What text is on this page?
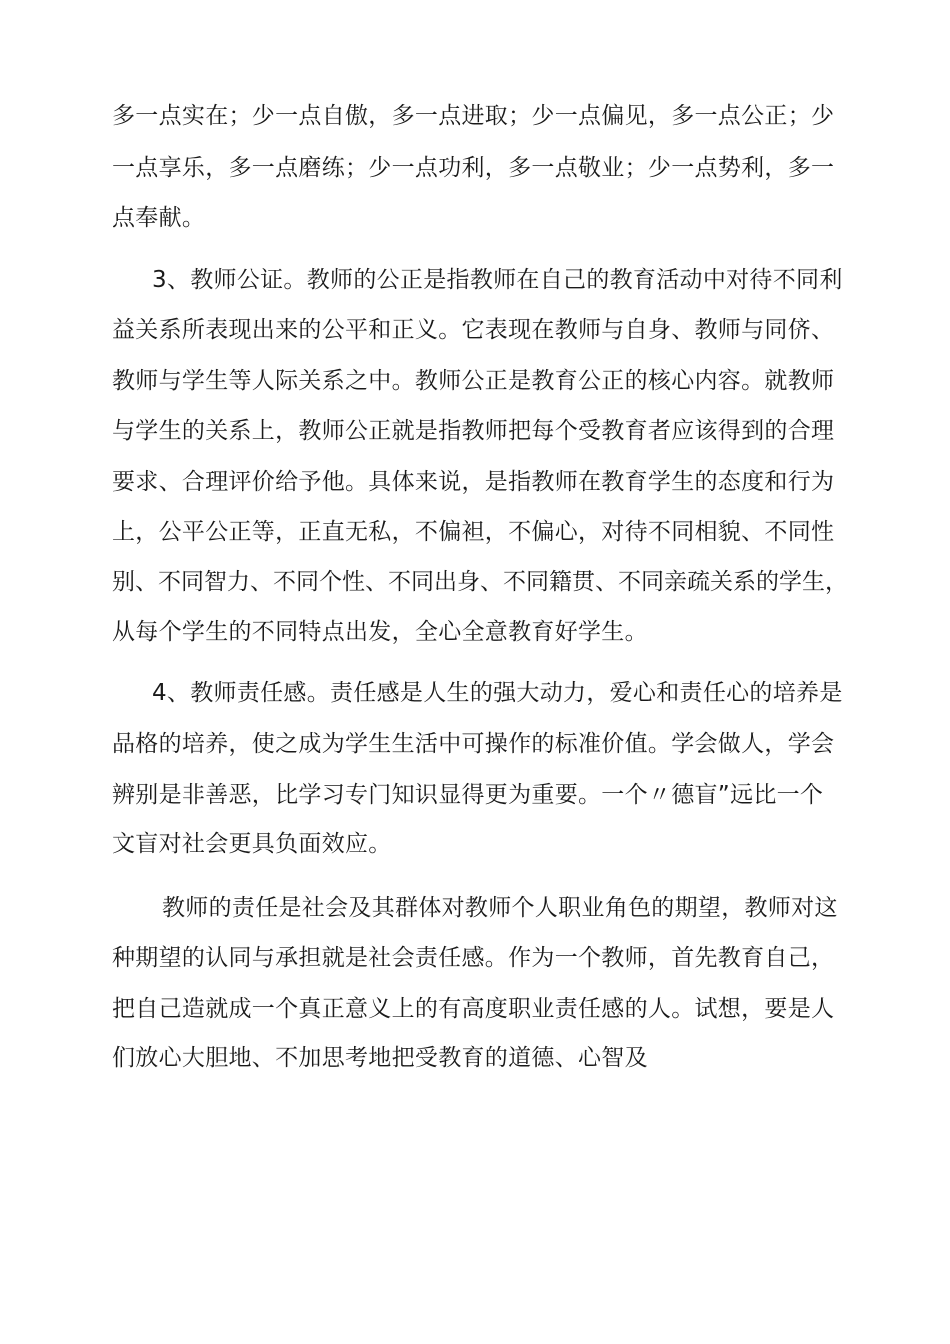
多一点实在；少一点自傲，多一点进取；少一点偏见，多一点公正；少
一点享乐，多一点磨练；少一点功利，多一点敬业；少一点势利，多一
点奉献。
3、教师公证。教师的公正是指教师在自己的教育活动中对待不同利
益关系所表现出来的公平和正义。它表现在教师与自身、教师与同侪、
教师与学生等人际关系之中。教师公正是教育公正的核心内容。就教师
与学生的关系上，教师公正就是指教师把每个受教育者应该得到的合理
要求、合理评价给予他。具体来说，是指教师在教育学生的态度和行为
上，公平公正等，正直无私，不偏袒，不偏心，对待不同相貌、不同性
别、不同智力、不同个性、不同出身、不同籍贯、不同亲疏关系的学生，
从每个学生的不同特点出发，全心全意教育好学生。
4、教师责任感。责任感是人生的强大动力，爱心和责任心的培养是
品格的培养，使之成为学生生活中可操作的标准价值。学会做人，学会
辨别是非善恶，比学习专门知识显得更为重要。一个〃德盲”远比一个
文盲对社会更具负面效应。
教师的责任是社会及其群体对教师个人职业角色的期望，教师对这
种期望的认同与承担就是社会责任感。作为一个教师，首先教育自己，
把自己造就成一个真正意义上的有高度职业责任感的人。试想，要是人
们放心大胆地、不加思考地把受教育的道德、心智及
